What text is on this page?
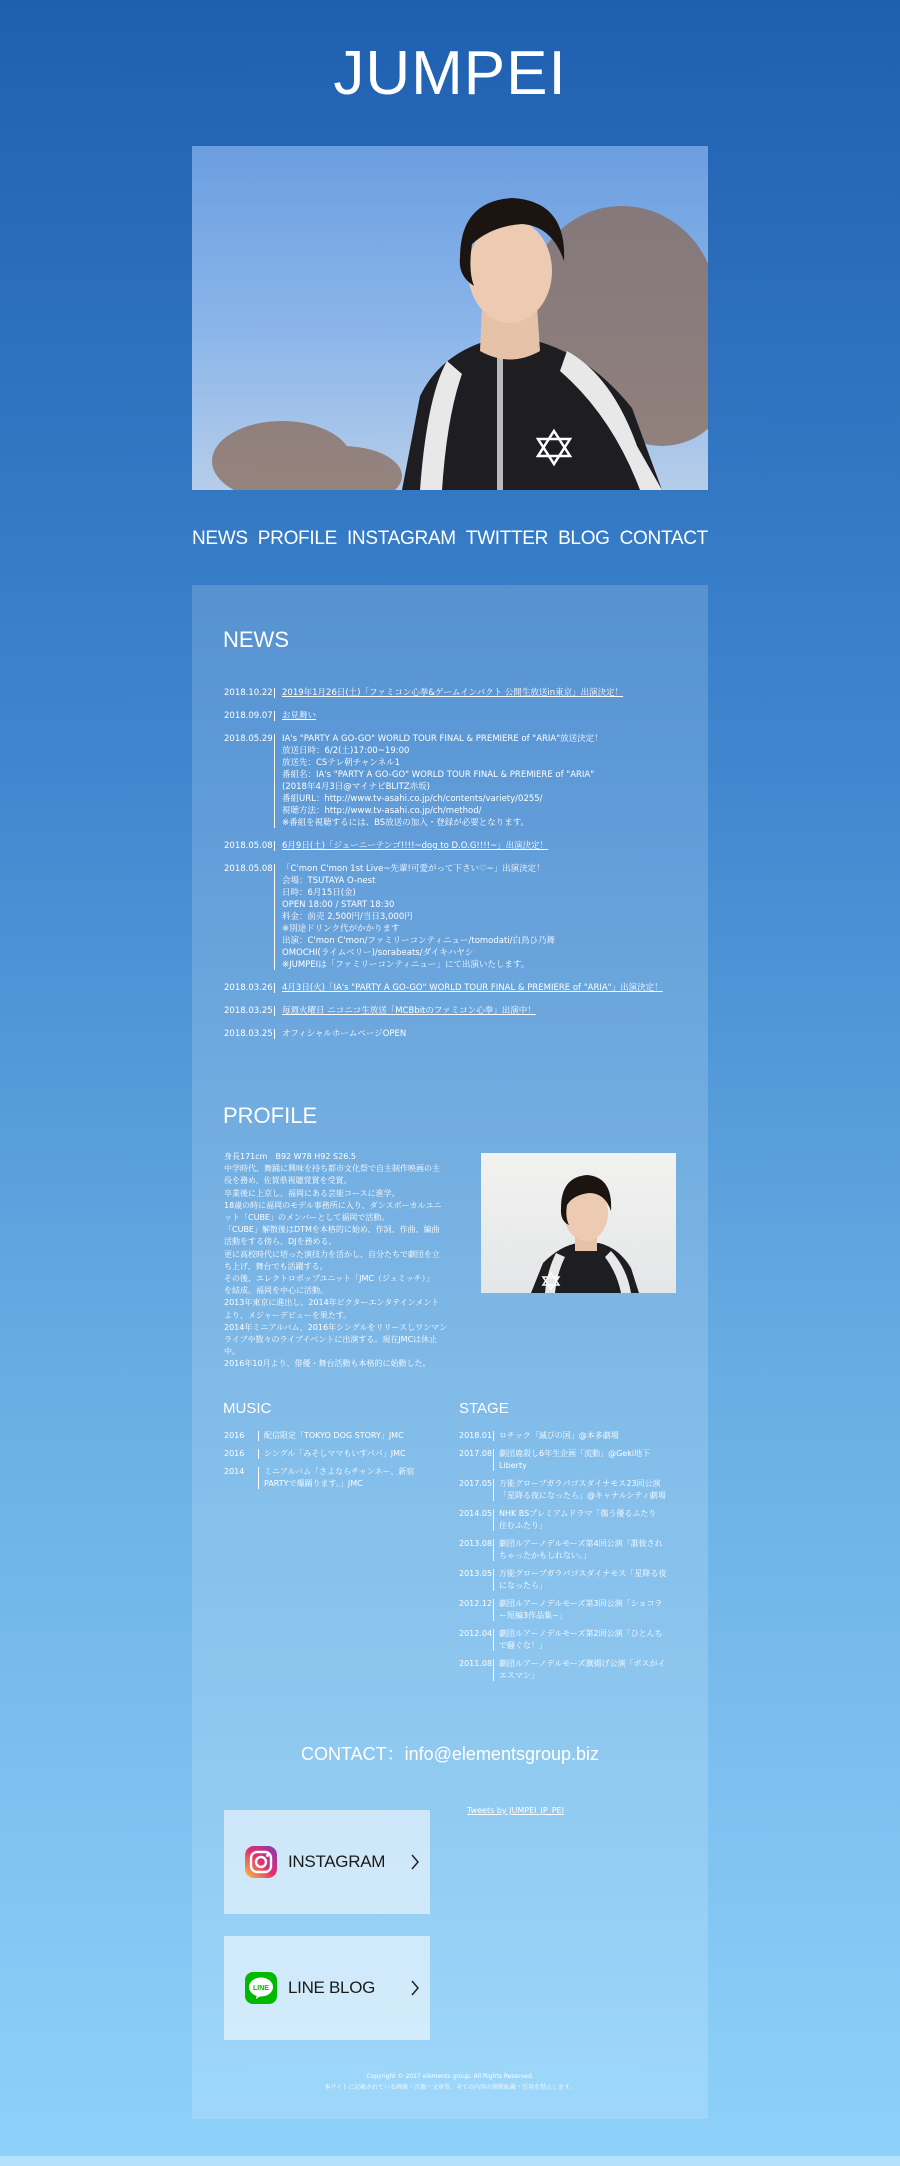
JUMPEI
NEWS PROFILE INSTAGRAM TWITTER BLOG CONTACT
NEWS
2018.10.22 2019年1月26日(土)「ファミコン心拳&ゲームインパクト 公開生放送in東京」出演決定！
2018.09.07 お見舞い
2018.05.29 IA's "PARTY A GO-GO" WORLD TOUR FINAL & PREMIERE of "ARIA"放送決定！
放送日時：6/2(土)17:00~19:00
放送先：CSテレ朝チャンネル1
番組名：IA's "PARTY A GO-GO" WORLD TOUR FINAL & PREMIERE of "ARIA"
(2018年4月3日@マイナビBLITZ赤坂)
番組URL：http://www.tv-asahi.co.jp/ch/contents/variety/0255/
視聴方法：http://www.tv-asahi.co.jp/ch/method/
※番組を視聴するには、BS放送の加入・登録が必要となります。
2018.05.08 6月9日(土)「ジューニーテンゴ!!!!~dog to D.O.G!!!!~」出演決定！
2018.05.08 「C'mon C'mon 1st Live~先輩!可愛がって下さい♡~」出演決定！
会場：TSUTAYA O-nest
日時：6月15日(金)
OPEN 18:00 / START 18:30
料金：前売 2,500円/当日3,000円
※別途ドリンク代がかかります
出演：C'mon C'mon/ファミリーコンティニュー/tomodati/白鳥ひ乃舞
OMOCHI(ライムベリー)/sorabeats/ダイキハヤシ
※JUMPEIは「ファミリーコンティニュー」にて出演いたします。
2018.03.26 4月3日(火)「IA's "PARTY A GO-GO" WORLD TOUR FINAL & PREMIERE of "ARIA"」出演決定！
2018.03.25 毎週火曜日 ニコニコ生放送「MCBbitのファミコン心拳」出演中！
2018.03.25 オフィシャルホームページOPEN
PROFILE
身長171cm　B92 W78 H92 S26.5
中学時代、舞踊に興味を持ち都市文化祭で自主制作映画の主
役を務め、佐賀県視聴覚賞を受賞。
卒業後に上京し、福岡にある芸能コースに進学。
18歳の時に福岡のモデル事務所に入り、ダンスボーカルユニ
ット「CUBE」のメンバーとして福岡で活動。
「CUBE」解散後はDTMを本格的に始め、作詞、作曲、編曲
活動をする傍ら、DJを務める。
更に高校時代に培った演技力を活かし、自分たちで劇団を立
ち上げ、舞台でも活躍する。
その後、エレクトロポップユニット「JMC（ジュミッチ）」
を結成。福岡を中心に活動。
2013年東京に進出し、2014年ビクターエンタテインメント
より、メジャーデビューを果たす。
2014年ミニアルバム、2016年シングルをリリースしワンマン
ライブや数々のライブイベントに出演する。現在JMCは休止
中。
2016年10月より、俳優・舞台活動も本格的に始動した。
MUSIC
2016	配信限定「TOKYO DOG STORY」JMC
2016	シングル「みそしママもいすパパ」JMC
2014	ミニアルバム「さよならチャンネー、新宿PARTYで爆踊ります。」JMC
STAGE
2018.01 ロチック「滅びの国」@本多劇場
2017.08 劇団鹿殺し6年生企画「流動」@Geki地下Liberty
2017.05 万能グローブガラパゴスダイナモス23回公演「星降る夜になったら」@キャナルシティ劇場
2014.05 NHK BSプレミアムドラマ「傷う優るふたり　住むふたり」
2013.08 劇団ルアーノデルモーズ第4回公演「誰彼されちゃったかもしれない。」
2013.05 万能グローブガラパゴスダイナモス「星降る夜になったら」
2012.12 劇団ルアーノデルモーズ第3回公演「ショコラー短編3作品集~」
2012.04 劇団ルアーノデルモーズ第2回公演「ひとんちで騒ぐな！」
2011.08 劇団ルアーノデルモーズ旗揚げ公演「ボスがイエスマン」
CONTACT：info@elementsgroup.biz
Tweets by JUMPEI_JP_PEI
INSTAGRAM
LINE LINE BLOG
Copyright © 2017 elements group. All Rights Reserved.
本サイトに記載されている画像・音源・文章等、全ての内容の無断転載・引用を禁止します。
